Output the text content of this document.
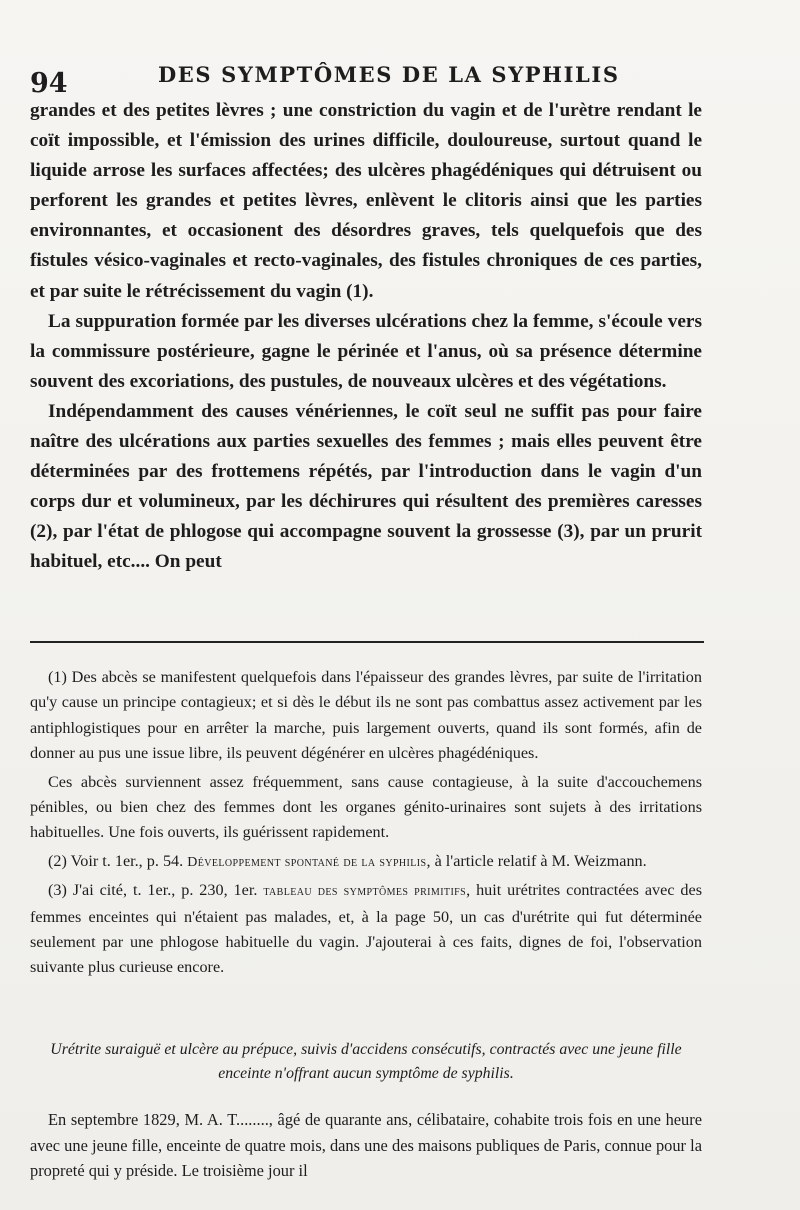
94	DES SYMPTÔMES DE LA SYPHILIS

grandes et des petites lèvres ; une constriction du vagin et de l'urètre rendant le coït impossible, et l'émission des urines difficile, douloureuse, surtout quand le liquide arrose les surfaces affectées; des ulcères phagédéniques qui détruisent ou perforent les grandes et petites lèvres, enlèvent le clitoris ainsi que les parties environnantes, et occasionent des désordres graves, tels quelquefois que des fistules vésico-vaginales et recto-vaginales, des fistules chroniques de ces parties, et par suite le rétrécissement du vagin (1).

La suppuration formée par les diverses ulcérations chez la femme, s'écoule vers la commissure postérieure, gagne le périnée et l'anus, où sa présence détermine souvent des excoriations, des pustules, de nouveaux ulcères et des végétations.

Indépendamment des causes vénériennes, le coït seul ne suffit pas pour faire naître des ulcérations aux parties sexuelles des femmes ; mais elles peuvent être déterminées par des frottemens répétés, par l'introduction dans le vagin d'un corps dur et volumineux, par les déchirures qui résultent des premières caresses (2), par l'état de phlogose qui accompagne souvent la grossesse (3), par un prurit habituel, etc.... On peut

(1) Des abcès se manifestent quelquefois dans l'épaisseur des grandes lèvres, par suite de l'irritation qu'y cause un principe contagieux; et si dès le début ils ne sont pas combattus assez activement par les antiphlogistiques pour en arrêter la marche, puis largement ouverts, quand ils sont formés, afin de donner au pus une issue libre, ils peuvent dégénérer en ulcères phagédéniques.

Ces abcès surviennent assez fréquemment, sans cause contagieuse, à la suite d'accouchemens pénibles, ou bien chez des femmes dont les organes génito-urinaires sont sujets à des irritations habituelles. Une fois ouverts, ils guérissent rapidement.

(2) Voir t. 1er., p. 54. Développement spontané de la syphilis, à l'article relatif à M. Weizmann.

(3) J'ai cité, t. 1er., p. 230, 1er. tableau des symptômes primitifs, huit urétrites contractées avec des femmes enceintes qui n'étaient pas malades, et, à la page 50, un cas d'urétrite qui fut déterminée seulement par une phlogose habituelle du vagin. J'ajouterai à ces faits, dignes de foi, l'observation suivante plus curieuse encore.

Urétrite suraiguë et ulcère au prépuce, suivis d'accidens consécutifs, contractés avec une jeune fille enceinte n'offrant aucun symptôme de syphilis.

En septembre 1829, M. A. T........, âgé de quarante ans, célibataire, cohabite trois fois en une heure avec une jeune fille, enceinte de quatre mois, dans une des maisons publiques de Paris, connue pour la propreté qui y préside. Le troisième jour il
